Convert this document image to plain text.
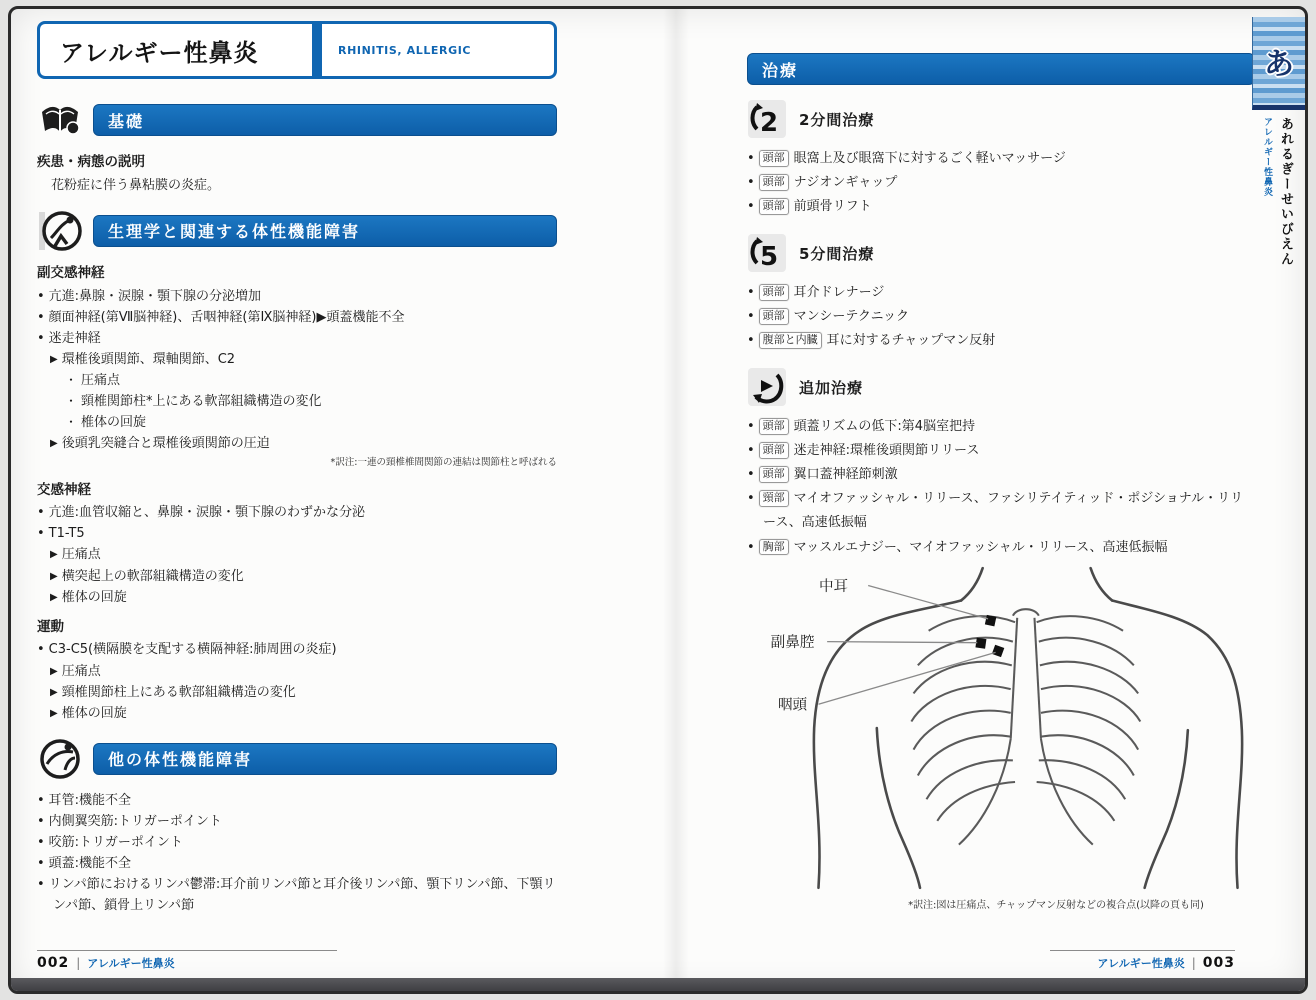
アレルギー性鼻炎	RHINITIS, ALLERGIC
基礎
疾患・病態の説明
花粉症に伴う鼻粘膜の炎症。
生理学と関連する体性機能障害
副交感神経
• 亢進:鼻腺・涙腺・顎下腺の分泌増加
• 顔面神経(第Ⅶ脳神経)、舌咽神経(第Ⅸ脳神経)▶頭蓋機能不全
• 迷走神経
▶ 環椎後頭関節、環軸関節、C2
・ 圧痛点
・ 頸椎関節柱*上にある軟部組織構造の変化
・ 椎体の回旋
▶ 後頭乳突縫合と環椎後頭関節の圧迫
*訳注:一連の頸椎椎間関節の連結は関節柱と呼ばれる
交感神経
• 亢進:血管収縮と、鼻腺・涙腺・顎下腺のわずかな分泌
• T1-T5
▶ 圧痛点
▶ 横突起上の軟部組織構造の変化
▶ 椎体の回旋
運動
• C3-C5(横隔膜を支配する横隔神経:肺周囲の炎症)
▶ 圧痛点
▶ 頸椎関節柱上にある軟部組織構造の変化
▶ 椎体の回旋
他の体性機能障害
• 耳管:機能不全
• 内側翼突筋:トリガーポイント
• 咬筋:トリガーポイント
• 頭蓋:機能不全
• リンパ節におけるリンパ鬱滞:耳介前リンパ節と耳介後リンパ節、顎下リンパ節、下顎リンパ節、鎖骨上リンパ節
治療
2 2分間治療
• 頭部 眼窩上及び眼窩下に対するごく軽いマッサージ
• 頭部 ナジオンギャップ
• 頭部 前頭骨リフト
5 5分間治療
• 頭部 耳介ドレナージ
• 頭部 マンシーテクニック
• 腹部と内臓 耳に対するチャップマン反射
追加治療
• 頭部 頭蓋リズムの低下:第4脳室把持
• 頭部 迷走神経:環椎後頭関節リリース
• 頭部 翼口蓋神経節刺激
• 頸部 マイオファッシャル・リリース、ファシリテイティッド・ポジショナル・リリース、高速低振幅
• 胸部 マッスルエナジー、マイオファッシャル・リリース、高速低振幅
中耳
副鼻腔
咽頭
*訳注:図は圧痛点、チャップマン反射などの複合点(以降の頁も同)
002 | アレルギー性鼻炎	アレルギー性鼻炎 | 003
あ
アレルギー性鼻炎 あれるぎーせいびえん
